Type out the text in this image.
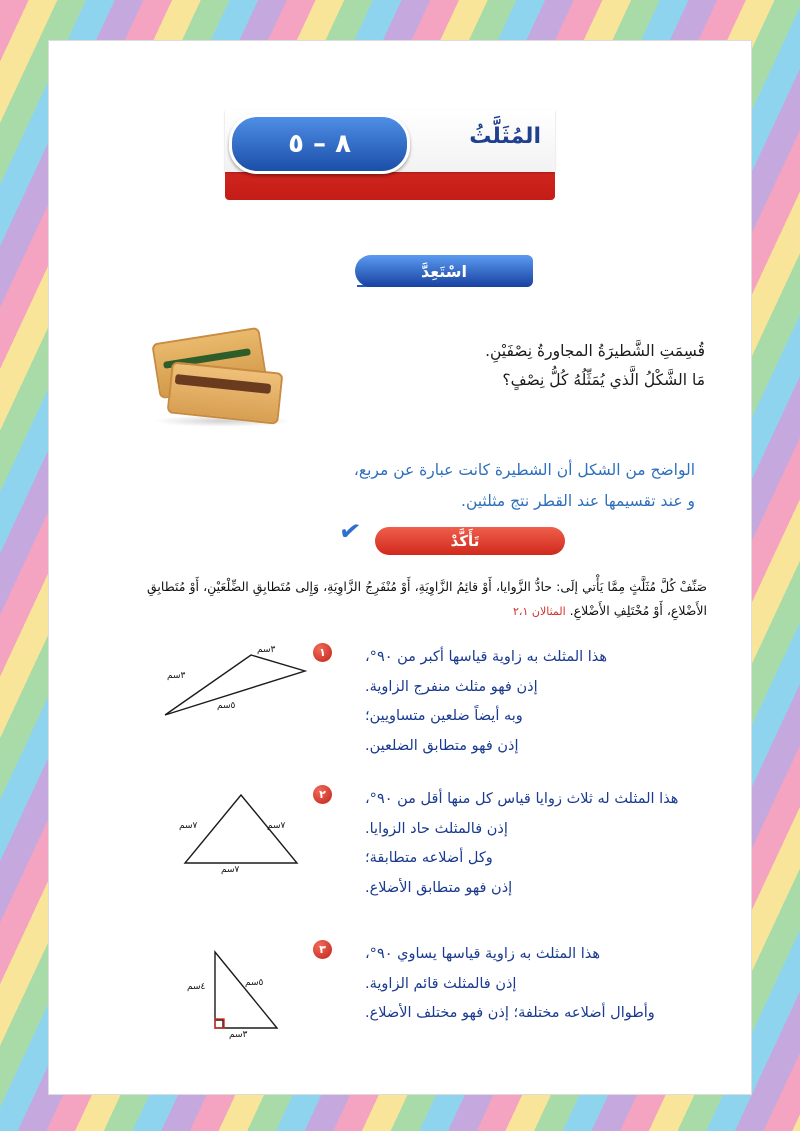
المُثَلَّثُ
٨ – ٥
اسْتَعِدَّ
قُسِمَتِ الشَّطيرَةُ المجاورةُ نِصْفَيْنِ.
مَا الشَّكْلُ الَّذي يُمَثِّلُهُ كُلُّ نِصْفٍ؟
الواضح من الشكل أن الشطيرة كانت عبارة عن مربع،
و عند تقسيمها عند القطر نتج مثلثين.
تَأَكَّدْ
✔
صَنِّفْ كُلَّ مُثَلَّثٍ مِمَّا يَأْتي إلَى: حادُّ الزَّوايا، أَوْ قائِمُ الزَّاوِيَةِ، أَوْ مُنْفَرِجُ الزَّاوِيَةِ، وَإِلى مُتَطابِقِ الضِّلْعَيْنِ، أَوْ مُتَطابِقِ الأَضْلاعِ، أَوْ مُخْتَلِفِ الأَضْلاعِ. المثالان ٢،١
هذا المثلث به زاوية قياسها أكبر من ٩٠°،
إذن فهو مثلث منفرج الزاوية.
وبه أيضاً ضلعين متساويين؛
إذن فهو متطابق الضلعين.
١
٣سم
٣سم
٥سم
هذا المثلث له ثلاث زوايا قياس كل منها أقل من ٩٠°،
إذن فالمثلث حاد الزوايا.
وكل أضلاعه متطابقة؛
إذن فهو متطابق الأضلاع.
٢
٧سم
٧سم
٧سم
هذا المثلث به زاوية قياسها يساوي ٩٠°،
إذن فالمثلث قائم الزاوية.
وأطوال أضلاعه مختلفة؛ إذن فهو مختلف الأضلاع.
٣
٥سم
٤سم
٣سم
